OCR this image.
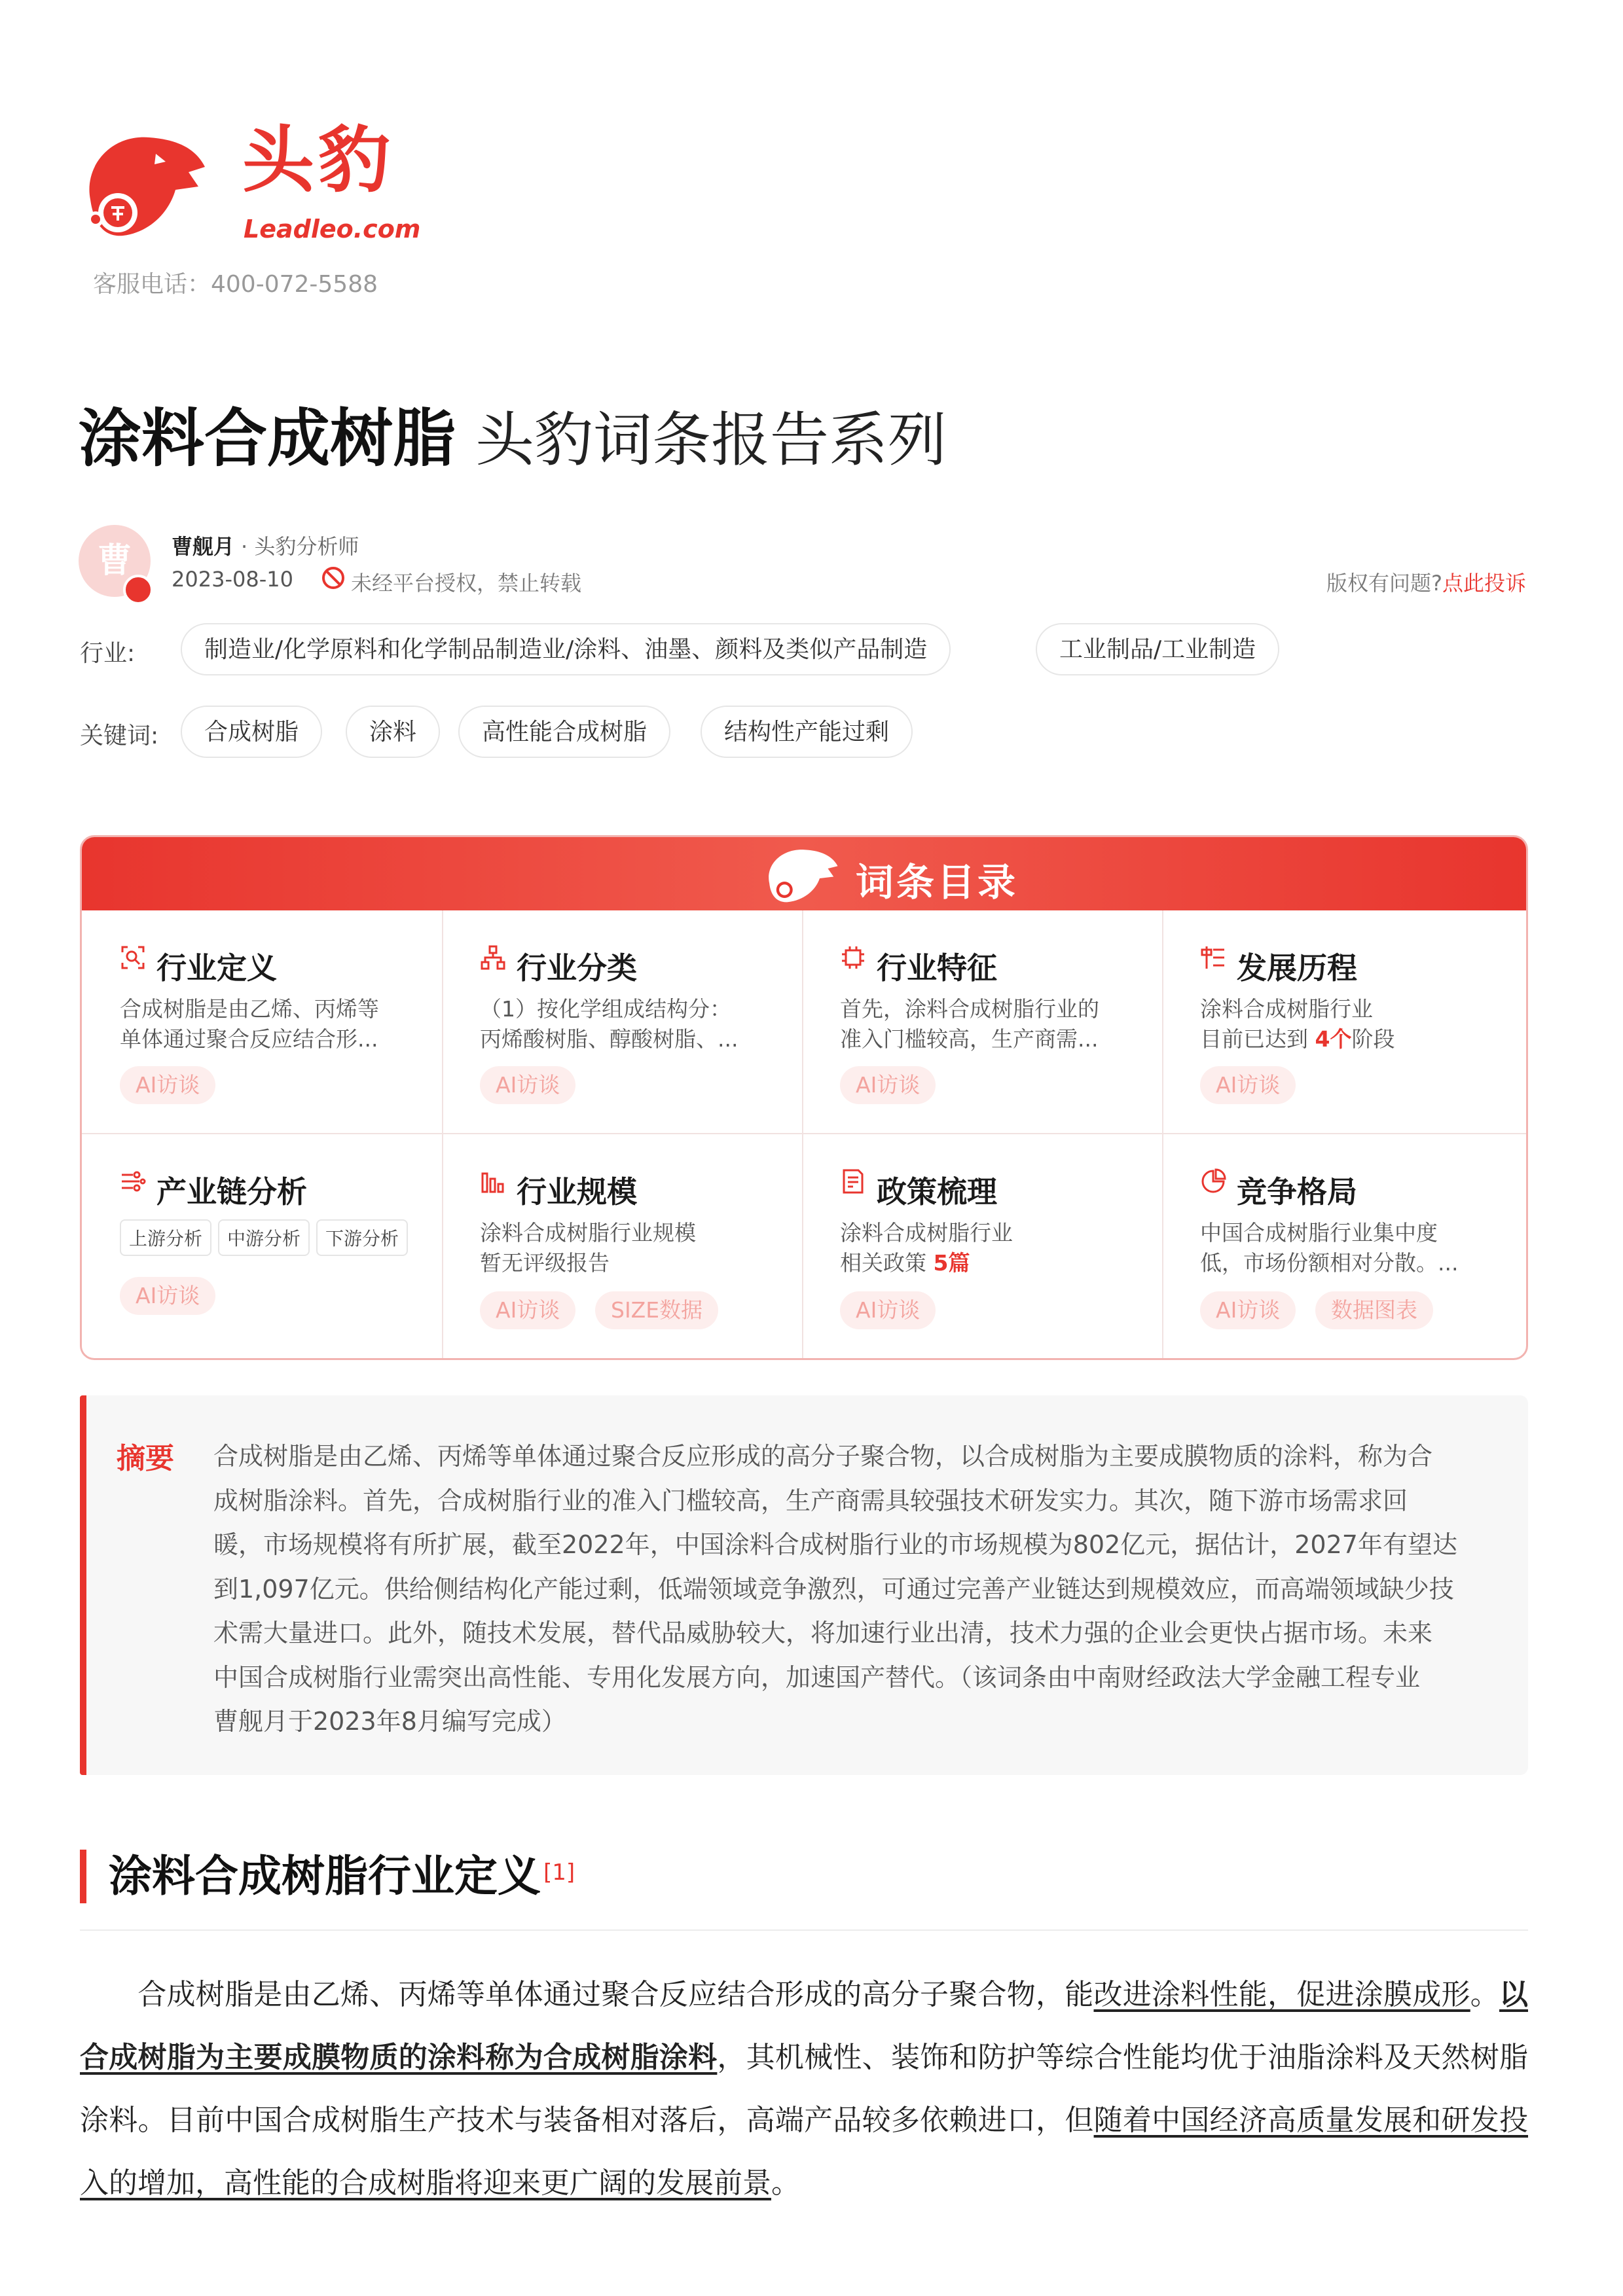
头豹
Leadleo.com
客服电话：400-072-5588
涂料合成树脂 头豹词条报告系列
曹	曹舰月 · 头豹分析师
2023-08-10	未经平台授权，禁止转载	版权有问题?点此投诉
行业:	制造业/化学原料和化学制品制造业/涂料、油墨、颜料及类似产品制造	工业制品/工业制造
关键词:	合成树脂	涂料	高性能合成树脂	结构性产能过剩
词条目录
行业定义
合成树脂是由乙烯、丙烯等
单体通过聚合反应结合形...
AI访谈
行业分类
（1）按化学组成结构分：
丙烯酸树脂、醇酸树脂、...
AI访谈
行业特征
首先，涂料合成树脂行业的
准入门槛较高，生产商需...
AI访谈
发展历程
涂料合成树脂行业
目前已达到 4个阶段
AI访谈
产业链分析
上游分析	中游分析	下游分析
AI访谈
行业规模
涂料合成树脂行业规模
暂无评级报告
AI访谈	SIZE数据
政策梳理
涂料合成树脂行业
相关政策 5篇
AI访谈
竞争格局
中国合成树脂行业集中度
低，市场份额相对分散。...
AI访谈	数据图表
摘要 合成树脂是由乙烯、丙烯等单体通过聚合反应形成的高分子聚合物，以合成树脂为主要成膜物质的涂料，称为合
成树脂涂料。首先，合成树脂行业的准入门槛较高，生产商需具较强技术研发实力。其次，随下游市场需求回
暖，市场规模将有所扩展，截至2022年，中国涂料合成树脂行业的市场规模为802亿元，据估计，2027年有望达
到1,097亿元。供给侧结构化产能过剩，低端领域竞争激烈，可通过完善产业链达到规模效应，而高端领域缺少技
术需大量进口。此外，随技术发展，替代品威胁较大，将加速行业出清，技术力强的企业会更快占据市场。未来
中国合成树脂行业需突出高性能、专用化发展方向，加速国产替代。（该词条由中南财经政法大学金融工程专业
曹舰月于2023年8月编写完成）
涂料合成树脂行业定义 [1]
合成树脂是由乙烯、丙烯等单体通过聚合反应结合形成的高分子聚合物，能改进涂料性能，促进涂膜成形。以合成树脂为主要成膜物质的涂料称为合成树脂涂料，其机械性、装饰和防护等综合性能均优于油脂涂料及天然树脂涂料。目前中国合成树脂生产技术与装备相对落后，高端产品较多依赖进口，但随着中国经济高质量发展和研发投入的增加，高性能的合成树脂将迎来更广阔的发展前景。
